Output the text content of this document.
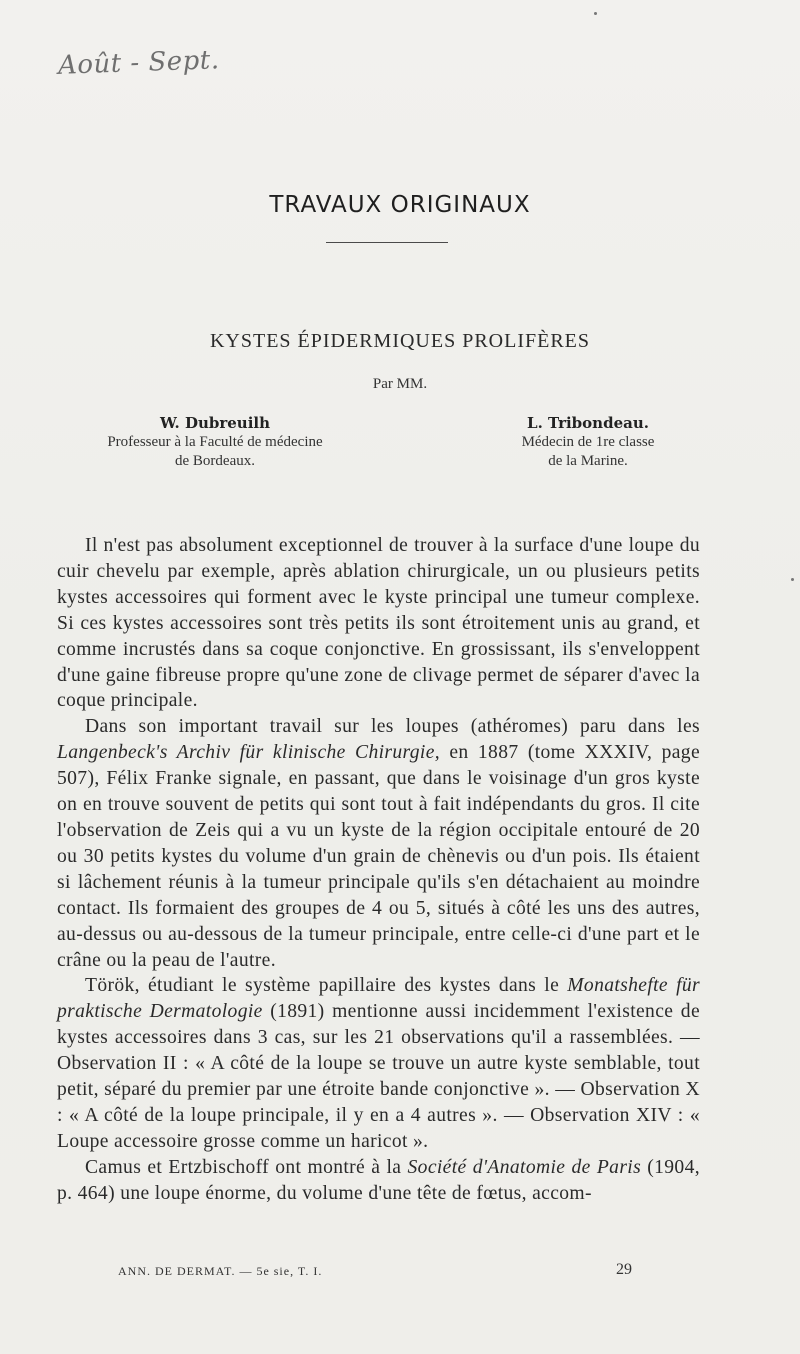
Août - Sept.
TRAVAUX ORIGINAUX
KYSTES ÉPIDERMIQUES PROLIFÈRES
Par MM.
W. Dubreuilh
Professeur à la Faculté de médecine
de Bordeaux.
L. Tribondeau.
Médecin de 1re classe
de la Marine.

Il n'est pas absolument exceptionnel de trouver à la surface d'une loupe du cuir chevelu par exemple, après ablation chirurgicale, un ou plusieurs petits kystes accessoires qui forment avec le kyste principal une tumeur complexe. Si ces kystes accessoires sont très petits ils sont étroitement unis au grand, et comme incrustés dans sa coque conjonctive. En grossissant, ils s'enveloppent d'une gaine fibreuse propre qu'une zone de clivage permet de séparer d'avec la coque principale.

Dans son important travail sur les loupes (athéromes) paru dans les Langenbeck's Archiv für klinische Chirurgie, en 1887 (tome XXXIV, page 507), Félix Franke signale, en passant, que dans le voisinage d'un gros kyste on en trouve souvent de petits qui sont tout à fait indépendants du gros. Il cite l'observation de Zeis qui a vu un kyste de la région occipitale entouré de 20 ou 30 petits kystes du volume d'un grain de chènevis ou d'un pois. Ils étaient si lâchement réunis à la tumeur principale qu'ils s'en détachaient au moindre contact. Ils formaient des groupes de 4 ou 5, situés à côté les uns des autres, au-dessus ou au-dessous de la tumeur principale, entre celle-ci d'une part et le crâne ou la peau de l'autre.

Török, étudiant le système papillaire des kystes dans le Monatshefte für praktische Dermatologie (1891) mentionne aussi incidemment l'existence de kystes accessoires dans 3 cas, sur les 21 observations qu'il a rassemblées. — Observation II : « A côté de la loupe se trouve un autre kyste semblable, tout petit, séparé du premier par une étroite bande conjonctive ». — Observation X : « A côté de la loupe principale, il y en a 4 autres ». — Observation XIV : « Loupe accessoire grosse comme un haricot ».

Camus et Ertzbischoff ont montré à la Société d'Anatomie de Paris (1904, p. 464) une loupe énorme, du volume d'une tête de fœtus, accom-

ANN. DE DERMAT. — 5e sie, T. I.	29
